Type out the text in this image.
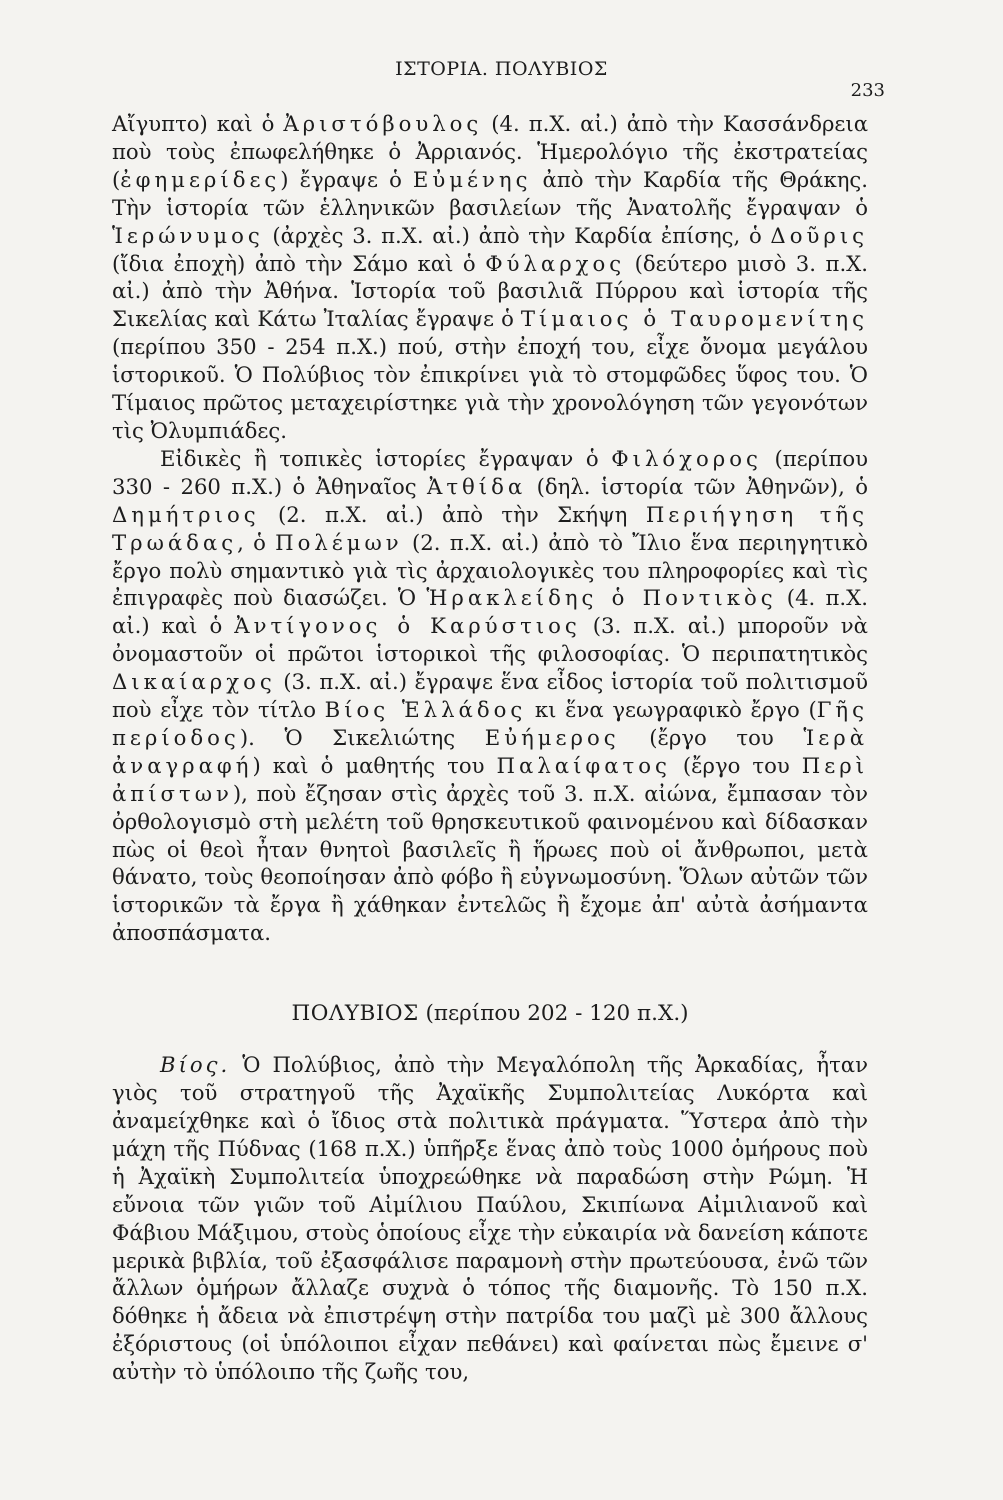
ΙΣΤΟΡΙΑ. ΠΟΛΥΒΙΟΣ
233

Αἴγυπτο) καὶ ὁ Ἀριστόβουλος (4. π.Χ. αἰ.) ἀπὸ τὴν Κασσάνδρεια ποὺ τοὺς ἐπωφελήθηκε ὁ Ἀρριανός. Ἡμερολόγιο τῆς ἐκστρατείας (ἐφημερίδες) ἔγραψε ὁ Εὐμένης ἀπὸ τὴν Καρδία τῆς Θράκης. Τὴν ἱστορία τῶν ἑλληνικῶν βασιλείων τῆς Ἀνατολῆς ἔγραψαν ὁ Ἱερώνυμος (ἀρχὲς 3. π.Χ. αἰ.) ἀπὸ τὴν Καρδία ἐπίσης, ὁ Δοῦρις (ἴδια ἐποχὴ) ἀπὸ τὴν Σάμο καὶ ὁ Φύλαρχος (δεύτερο μισὸ 3. π.Χ. αἰ.) ἀπὸ τὴν Ἀθήνα. Ἱστορία τοῦ βασιλιᾶ Πύρρου καὶ ἱστορία τῆς Σικελίας καὶ Κάτω Ἰταλίας ἔγραψε ὁ Τίμαιος ὁ Ταυρομενίτης (περίπου 350 - 254 π.Χ.) πού, στὴν ἐποχή του, εἶχε ὄνομα μεγάλου ἱστορικοῦ. Ὁ Πολύβιος τὸν ἐπικρίνει γιὰ τὸ στομφῶδες ὕφος του. Ὁ Τίμαιος πρῶτος μεταχειρίστηκε γιὰ τὴν χρονολόγηση τῶν γεγονότων τὶς Ὀλυμπιάδες.

Εἰδικὲς ἢ τοπικὲς ἱστορίες ἔγραψαν ὁ Φιλόχορος (περίπου 330 - 260 π.Χ.) ὁ Ἀθηναῖος Ἀτθίδα (δηλ. ἱστορία τῶν Ἀθηνῶν), ὁ Δημήτριος (2. π.Χ. αἰ.) ἀπὸ τὴν Σκήψη Περιήγηση τῆς Τρωάδας, ὁ Πολέμων (2. π.Χ. αἰ.) ἀπὸ τὸ Ἴλιο ἕνα περιηγητικὸ ἔργο πολὺ σημαντικὸ γιὰ τὶς ἀρχαιολογικὲς του πληροφορίες καὶ τὶς ἐπιγραφὲς ποὺ διασώζει. Ὁ Ἡρακλείδης ὁ Ποντικὸς (4. π.Χ. αἰ.) καὶ ὁ Ἀντίγονος ὁ Καρύστιος (3. π.Χ. αἰ.) μποροῦν νὰ ὀνομαστοῦν οἱ πρῶτοι ἱστορικοὶ τῆς φιλοσοφίας. Ὁ περιπατητικὸς Δικαίαρχος (3. π.Χ. αἰ.) ἔγραψε ἕνα εἶδος ἱστορία τοῦ πολιτισμοῦ ποὺ εἶχε τὸν τίτλο Βίος Ἑλλάδος κι ἕνα γεωγραφικὸ ἔργο (Γῆς περίοδος). Ὁ Σικελιώτης Εὐήμερος (ἔργο του Ἱερὰ ἀναγραφή) καὶ ὁ μαθητής του Παλαίφατος (ἔργο του Περὶ ἀπίστων), ποὺ ἔζησαν στὶς ἀρχὲς τοῦ 3. π.Χ. αἰώνα, ἔμπασαν τὸν ὀρθολογισμὸ στὴ μελέτη τοῦ θρησκευτικοῦ φαινομένου καὶ δίδασκαν πὼς οἱ θεοὶ ἦταν θνητοὶ βασιλεῖς ἢ ἥρωες ποὺ οἱ ἄνθρωποι, μετὰ θάνατο, τοὺς θεοποίησαν ἀπὸ φόβο ἢ εὐγνωμοσύνη. Ὅλων αὐτῶν τῶν ἱστορικῶν τὰ ἔργα ἢ χάθηκαν ἐντελῶς ἢ ἔχομε ἀπ' αὐτὰ ἀσήμαντα ἀποσπάσματα.

ΠΟΛΥΒΙΟΣ (περίπου 202 - 120 π.Χ.)

Βίος. Ὁ Πολύβιος, ἀπὸ τὴν Μεγαλόπολη τῆς Ἀρκαδίας, ἦταν γιὸς τοῦ στρατηγοῦ τῆς Ἀχαϊκῆς Συμπολιτείας Λυκόρτα καὶ ἀναμείχθηκε καὶ ὁ ἴδιος στὰ πολιτικὰ πράγματα. Ὕστερα ἀπὸ τὴν μάχη τῆς Πύδνας (168 π.Χ.) ὑπῆρξε ἕνας ἀπὸ τοὺς 1000 ὁμήρους ποὺ ἡ Ἀχαϊκὴ Συμπολιτεία ὑποχρεώθηκε νὰ παραδώση στὴν Ρώμη. Ἡ εὔνοια τῶν γιῶν τοῦ Αἰμίλιου Παύλου, Σκιπίωνα Αἰμιλιανοῦ καὶ Φάβιου Μάξιμου, στοὺς ὁποίους εἶχε τὴν εὐκαιρία νὰ δανείση κάποτε μερικὰ βιβλία, τοῦ ἐξασφάλισε παραμονὴ στὴν πρωτεύουσα, ἐνῶ τῶν ἄλλων ὁμήρων ἄλλαζε συχνὰ ὁ τόπος τῆς διαμονῆς. Τὸ 150 π.Χ. δόθηκε ἡ ἄδεια νὰ ἐπιστρέψη στὴν πατρίδα του μαζὶ μὲ 300 ἄλλους ἐξόριστους (οἱ ὑπόλοιποι εἶχαν πεθάνει) καὶ φαίνεται πὼς ἔμεινε σ' αὐτὴν τὸ ὑπόλοιπο τῆς ζωῆς του,
